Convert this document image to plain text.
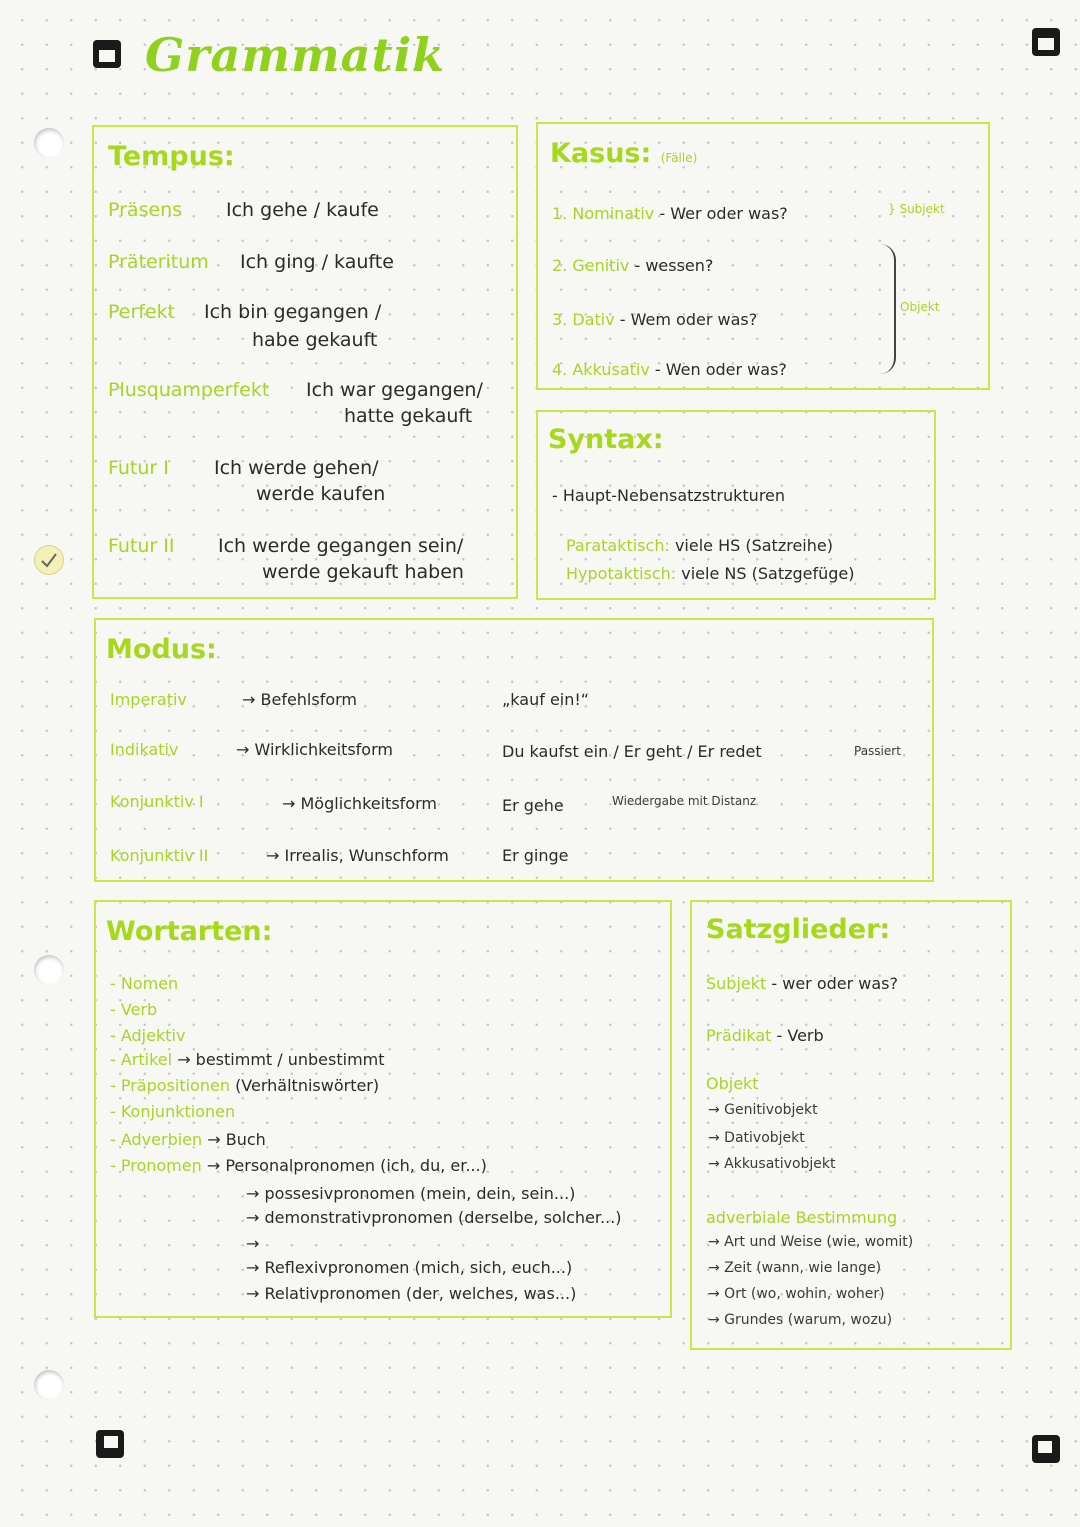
Grammatik
Tempus:
Präsens Ich gehe / kaufe
Präteritum Ich ging / kaufte
Perfekt Ich bin gegangen /
habe gekauft
Plusquamperfekt Ich war gegangen/
hatte gekauft
Futur I Ich werde gehen/
werde kaufen
Futur II Ich werde gegangen sein/
werde gekauft haben
Kasus: (Fälle)
1. Nominativ - Wer oder was?
2. Genitiv - wessen?
3. Dativ - Wem oder was?
4. Akkusativ - Wen oder was?
} Subjekt
Objekt
Syntax:
- Haupt-Nebensatzstrukturen
Parataktisch: viele HS (Satzreihe)
Hypotaktisch: viele NS (Satzgefüge)
Modus:
Imperativ	→ Befehlsform	„kauf ein!“
Indikativ	→ Wirklichkeitsform	Du kaufst ein / Er geht / Er redet	Passiert
Konjunktiv I	→ Möglichkeitsform	Er gehe	Wiedergabe mit Distanz
Konjunktiv II	→ Irrealis, Wunschform	Er ginge
Wortarten:
- Nomen
- Verb
- Adjektiv
- Artikel → bestimmt / unbestimmt
- Präpositionen (Verhältniswörter)
- Konjunktionen
- Adverbien → Buch
- Pronomen → Personalpronomen (ich, du, er...)
→ possesivpronomen (mein, dein, sein...)
→ demonstrativpronomen (derselbe, solcher...)
→
→ Reflexivpronomen (mich, sich, euch...)
→ Relativpronomen (der, welches, was...)
Satzglieder:
Subjekt - wer oder was?
Prädikat - Verb
Objekt
→ Genitivobjekt
→ Dativobjekt
→ Akkusativobjekt
adverbiale Bestimmung
→ Art und Weise (wie, womit)
→ Zeit (wann, wie lange)
→ Ort (wo, wohin, woher)
→ Grundes (warum, wozu)
